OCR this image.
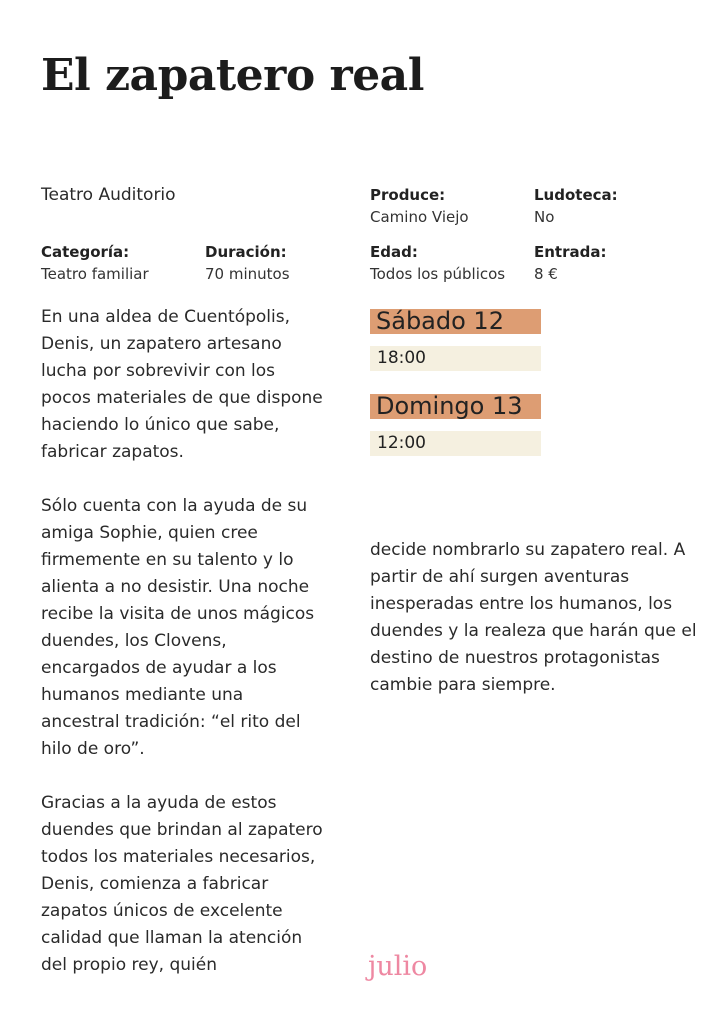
El zapatero real
Teatro Auditorio	Produce:
Camino Viejo
Ludoteca:
No
Categoría:
Teatro familiar
Duración:
70 minutos
Edad:
Todos los públicos
Entrada:
8 €

En una aldea de Cuentópolis, Denis, un zapatero artesano lucha por sobrevivir con los pocos materiales de que dispone haciendo lo único que sabe, fabricar zapatos.

Sólo cuenta con la ayuda de su amiga Sophie, quien cree firmemente en su talento y lo alienta a no desistir. Una noche recibe la visita de unos mágicos duendes, los Clovens, encargados de ayudar a los humanos mediante una ancestral tradición: “el rito del hilo de oro”.

Gracias a la ayuda de estos duendes que brindan al zapatero todos los materiales necesarios, Denis, comienza a fabricar zapatos únicos de excelente calidad que llaman la atención del propio rey, quién

Sábado 12
18:00
Domingo 13
12:00

decide nombrarlo su zapatero real. A partir de ahí surgen aventuras inesperadas entre los humanos, los duendes y la realeza que harán que el destino de nuestros protagonistas cambie para siempre.

julio
